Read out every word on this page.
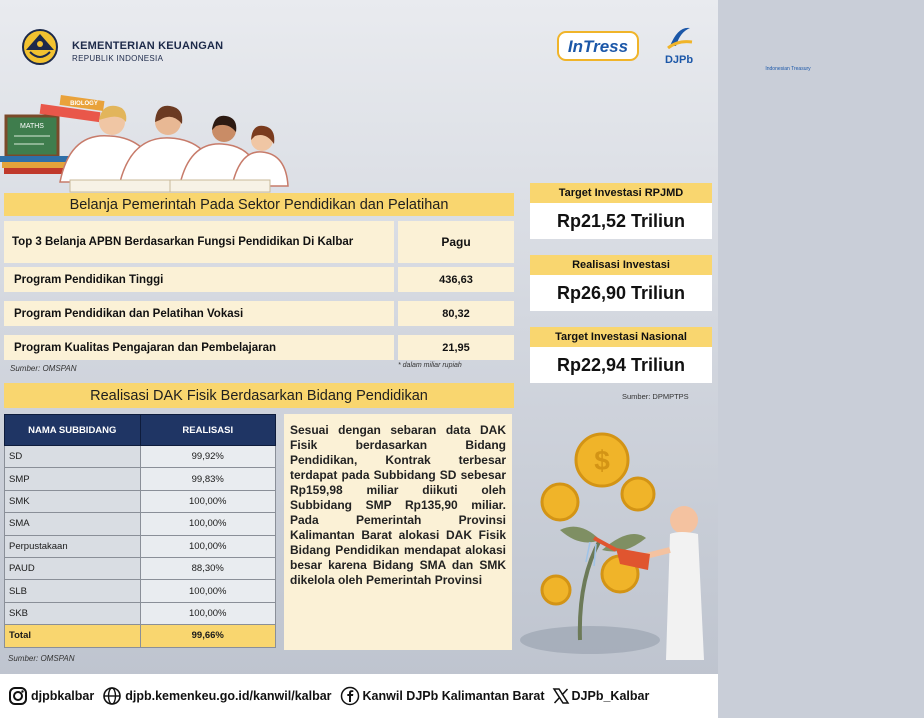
KEMENTERIAN KEUANGAN
REPUBLIK INDONESIA
InTress
DJPb
Indonesian Treasury
MATHS
BIOLOGY
Belanja Pemerintah Pada Sektor Pendidikan dan Pelatihan
Top 3 Belanja APBN Berdasarkan Fungsi Pendidikan Di Kalbar	Pagu
Program Pendidikan Tinggi	436,63
Program Pendidikan dan Pelatihan Vokasi	80,32
Program Kualitas Pengajaran dan Pembelajaran	21,95
Sumber: OMSPAN	* dalam miliar rupiah
Target Investasi RPJMD
Rp21,52 Triliun
Realisasi Investasi
Rp26,90 Triliun
Target Investasi Nasional
Rp22,94 Triliun
Sumber: DPMPTPS
Realisasi DAK Fisik Berdasarkan Bidang Pendidikan
NAMA SUBBIDANG	REALISASI
SD	99,92%
SMP	99,83%
SMK	100,00%
SMA	100,00%
Perpustakaan	100,00%
PAUD	88,30%
SLB	100,00%
SKB	100,00%
Total	99,66%
Sumber: OMSPAN
Sesuai dengan sebaran data DAK Fisik berdasarkan Bidang Pendidikan, Kontrak terbesar terdapat pada Subbidang SD sebesar Rp159,98 miliar diikuti oleh Subbidang SMP Rp135,90 miliar. Pada Pemerintah Provinsi Kalimantan Barat alokasi DAK Fisik Bidang Pendidikan mendapat alokasi besar karena Bidang SMA dan SMK dikelola oleh Pemerintah Provinsi
$
djpbkalbar djpb.kemenkeu.go.id/kanwil/kalbar Kanwil DJPb Kalimantan Barat DJPb_Kalbar
